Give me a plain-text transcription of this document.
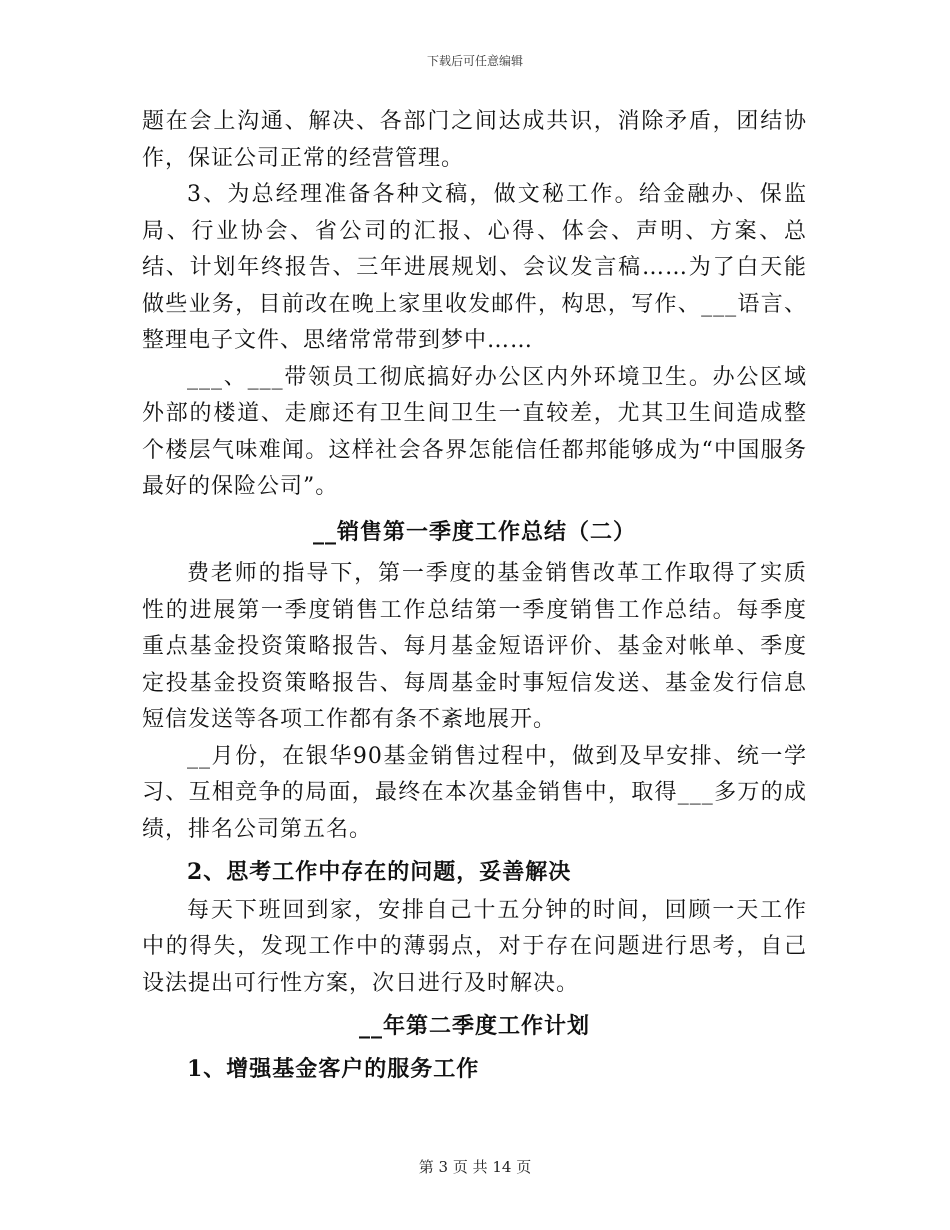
下载后可任意编辑

题在会上沟通、解决、各部门之间达成共识，消除矛盾，团结协作，保证公司正常的经营管理。

3、为总经理准备各种文稿，做文秘工作。给金融办、保监局、行业协会、省公司的汇报、心得、体会、声明、方案、总结、计划年终报告、三年进展规划、会议发言稿……为了白天能做些业务，目前改在晚上家里收发邮件，构思，写作、___语言、整理电子文件、思绪常常带到梦中……

___、___带领员工彻底搞好办公区内外环境卫生。办公区域外部的楼道、走廊还有卫生间卫生一直较差，尤其卫生间造成整个楼层气味难闻。这样社会各界怎能信任都邦能够成为“中国服务最好的保险公司”。

__销售第一季度工作总结（二）

费老师的指导下，第一季度的基金销售改革工作取得了实质性的进展第一季度销售工作总结第一季度销售工作总结。每季度重点基金投资策略报告、每月基金短语评价、基金对帐单、季度定投基金投资策略报告、每周基金时事短信发送、基金发行信息短信发送等各项工作都有条不紊地展开。

__月份，在银华90基金销售过程中，做到及早安排、统一学习、互相竞争的局面，最终在本次基金销售中，取得___多万的成绩，排名公司第五名。

2、思考工作中存在的问题，妥善解决

每天下班回到家，安排自己十五分钟的时间，回顾一天工作中的得失，发现工作中的薄弱点，对于存在问题进行思考，自己设法提出可行性方案，次日进行及时解决。

__年第二季度工作计划

1、增强基金客户的服务工作

第 3 页 共 14 页
